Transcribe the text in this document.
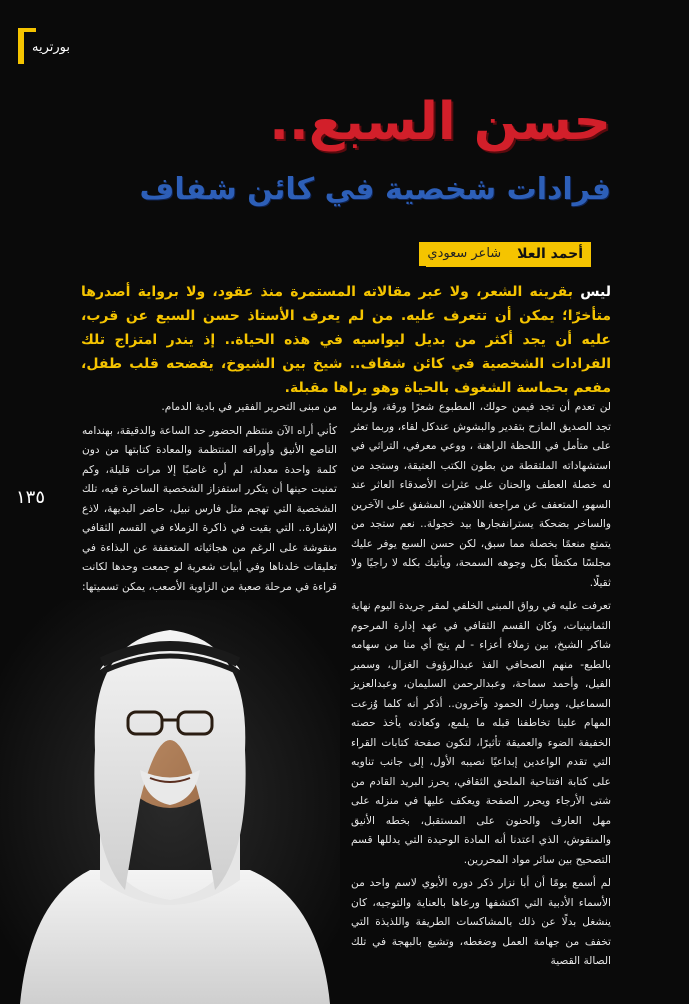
بورتريه
حسن السبع..
فرادات شخصية في كائن شفاف
أحمد العلا
شاعر سعودي
ليس بقرينه الشعر، ولا عبر مقالاته المستمرة منذ عقود، ولا برواية أصدرها متأخرًا؛ يمكن أن تتعرف عليه. من لم يعرف الأستاذ حسن السبع عن قرب، عليه أن يجد أكثر من بديل ليواسيه في هذه الحياة.. إذ يندر امتزاج تلك الفرادات الشخصية في كائن شفاف.. شيخ بين الشيوخ، يفضحه قلب طفل، مفعم بحماسة الشغوف بالحياة وهو يراها مقبلة.

لن تعدم أن تجد فيمن حولك، المطبوع شعرًا ورقة، ولربما تجد الصديق المازح بتقدير والبشوش عندكل لقاء، وربما تعثر على متأمل في اللحظة الراهنة ، ووعي معرفي، التراثي في استشهاداته الملتقطة من بطون الكتب العتيقة، وستجد من له خصلة العطف والحنان على عثرات الأصدقاء العاثر عند السهو، المتعفف عن مراجعة اللاهثين، المشفق على الآخرين والساخر بضحكة يسترانفجارها بيد خجولة.. نعم ستجد من يتمتع منعمًا بخصلة مما سبق، لكن حسن السبع يوفر عليك مجلسًا مكتظًا بكل وجوهه السمحة، ويأتيك بكله لا راجيًا ولا ثقيلًا.

تعرفت عليه في رواق المبنى الخلفي لمقر جريدة اليوم نهاية الثمانينيات، وكان القسم الثقافي في عهد إدارة المرحوم شاكر الشيخ، بين زملاء أعزاء - لم ينج أي منا من سهامه بالطبع- منهم الصحافي الفذ عبدالرؤوف الغزال، وسمير الفيل، وأحمد سماحة، وعبدالرحمن السليمان، وعبدالعزيز السماعيل، ومبارك الحمود وآخرون.. أذكر أنه كلما وُزعت المهام علينا تخاطفنا قبله ما يلمع، وكعادته يأخذ حصته الخفيفة الضوء والعميقة تأثيرًا، لتكون صفحة كتابات القراء التي تقدم الواعدين إبداعيًا نصيبه الأول، إلى جانب تناوبه على كتابة افتتاحية الملحق الثقافي، يحرز البريد القادم من شتى الأرجاء ويحرر الصفحة ويعكف عليها في منزله على مهل العارف والحنون على المستقبل، بخطه الأنيق والمنقوش، الذي اعتدنا أنه المادة الوحيدة التي يدللها قسم التصحيح بين سائر مواد المحررين.

لم أسمع يومًا أن أبا نزار ذكر دوره الأبوي لاسم واحد من الأسماء الأدبية التي اكتشفها ورعاها بالعناية والتوجيه، كان ينشغل بدلًا عن ذلك بالمشاكسات الطريفة واللذيذة التي تخفف من جهامة العمل وضغطه، وتشيع بالبهجة في تلك الصالة القصية

من مبنى التحرير الفقير في بادية الدمام.

كأني أراه الآن منتظم الحضور حد الساعة والدقيقة، بهندامه الناصع الأنيق وأوراقه المنتظمة والمعادة كتابتها من دون كلمة واحدة معدلة، لم أره غاضبًا إلا مرات قليلة، وكم تمنيت حينها أن يتكرر استفزاز الشخصية الساخرة فيه، تلك الشخصية التي تهجم مثل فارس نبيل، حاضر البديهة، لاذع الإشارة.. التي بقيت في ذاكرة الزملاء في القسم الثقافي منقوشة على الرغم من هجائياته المتعففة عن البذاءة في تعليقات خلدناها وفي أبيات شعرية لو جمعت وحدها لكانت قراءة في مرحلة صعبة من الزاوية الأصعب، يمكن تسميتها:

١٣٥
